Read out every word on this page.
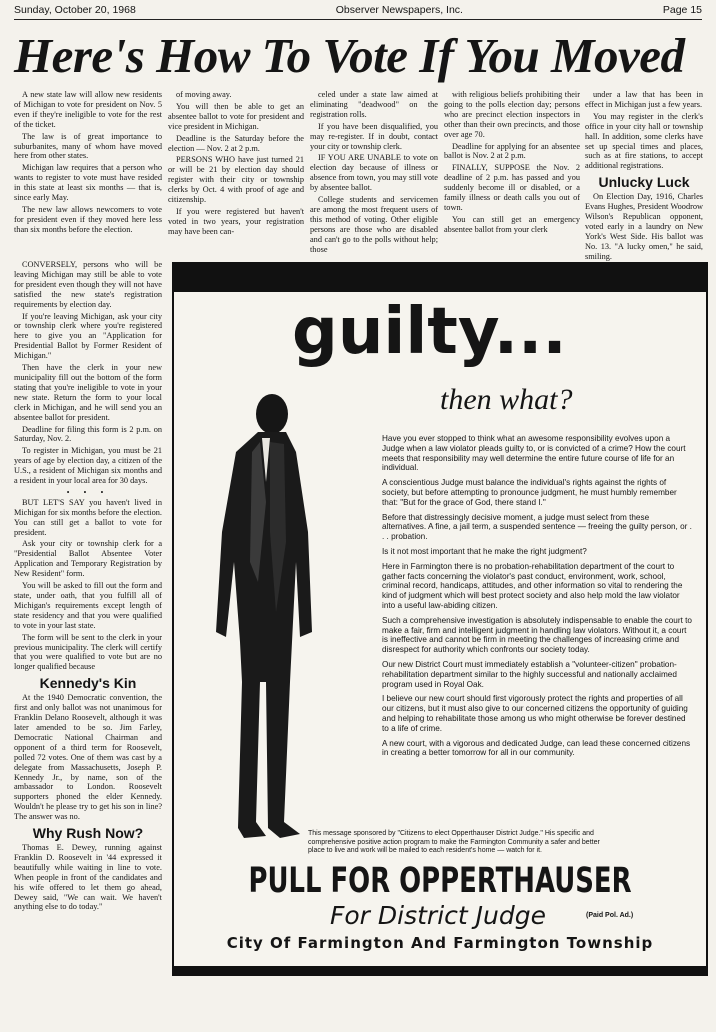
Sunday, October 20, 1968	Observer Newspapers, Inc.	Page 15
Here's How To Vote If You Moved

A new state law will allow new residents of Michigan to vote for president on Nov. 5 even if they're ineligible to vote for the rest of the ticket.

The law is of great importance to suburbanites, many of whom have moved here from other states.

Michigan law requires that a person who wants to register to vote must have resided in this state at least six months — that is, since early May.

The new law allows newcomers to vote for president even if they moved here less than six months before the election.

of moving away.

You will then be able to get an absentee ballot to vote for president and vice president in Michigan.

Deadline is the Saturday before the election — Nov. 2 at 2 p.m.

PERSONS WHO have just turned 21 or will be 21 by election day should register with their city or township clerks by Oct. 4 with proof of age and citizenship.

If you were registered but haven't voted in two years, your registration may have been can-

celed under a state law aimed at eliminating "deadwood" on the registration rolls.

If you have been disqualified, you may re-register. If in doubt, contact your city or township clerk.

IF YOU ARE UNABLE to vote on election day because of illness or absence from town, you may still vote by absentee ballot.

College students and servicemen are among the most frequent users of this method of voting. Other eligible persons are those who are disabled and can't go to the polls without help; those

with religious beliefs prohibiting their going to the polls election day; persons who are precinct election inspectors in other than their own precincts, and those over age 70.

Deadline for applying for an absentee ballot is Nov. 2 at 2 p.m.

FINALLY, SUPPOSE the Nov. 2 deadline of 2 p.m. has passed and you suddenly become ill or disabled, or a family illness or death calls you out of town.

You can still get an emergency absentee ballot from your clerk

under a law that has been in effect in Michigan just a few years.

You may register in the clerk's office in your city hall or township hall. In addition, some clerks have set up special times and places, such as at fire stations, to accept additional registrations.

Unlucky Luck

On Election Day, 1916, Charles Evans Hughes, President Woodrow Wilson's Republican opponent, voted early in a laundry on New York's West Side. His ballot was No. 13. "A lucky omen," he said, smiling.

CONVERSELY, persons who will be leaving Michigan may still be able to vote for president even though they will not have satisfied the new state's registration requirements by election day.

If you're leaving Michigan, ask your city or township clerk where you're registered here to give you an "Application for Presidential Ballot by Former Resident of Michigan."

Then have the clerk in your new municipality fill out the bottom of the form stating that you're ineligible to vote in your new state. Return the form to your local clerk in Michigan, and he will send you an absentee ballot for president.

Deadline for filing this form is 2 p.m. on Saturday, Nov. 2.

To register in Michigan, you must be 21 years of age by election day, a citizen of the U.S., a resident of Michigan six months and a resident in your local area for 30 days.

• • •

BUT LET'S SAY you haven't lived in Michigan for six months before the election. You can still get a ballot to vote for president.

Ask your city or township clerk for a "Presidential Ballot Absentee Voter Application and Temporary Registration by New Resident" form.

You will be asked to fill out the form and state, under oath, that you fulfill all of Michigan's requirements except length of state residency and that you were qualified to vote in your last state.

The form will be sent to the clerk in your previous municipality. The clerk will certify that you were qualified to vote but are no longer qualified because

Kennedy's Kin

At the 1940 Democratic convention, the first and only ballot was not unanimous for Franklin Delano Roosevelt, although it was later amended to be so. Jim Farley, Democratic National Chairman and opponent of a third term for Roosevelt, polled 72 votes. One of them was cast by a delegate from Massachusetts, Joseph P. Kennedy Jr., by name, son of the ambassador to London. Roosevelt supporters phoned the elder Kennedy. Wouldn't he please try to get his son in line? The answer was no.

Why Rush Now?

Thomas E. Dewey, running against Franklin D. Roosevelt in '44 expressed it beautifully while waiting in line to vote. When people in front of the candidates and his wife offered to let them go ahead, Dewey said, "We can wait. We haven't anything else to do today."

guilty...
then what?

Have you ever stopped to think what an awesome responsibility evolves upon a Judge when a law violator pleads guilty to, or is convicted of a crime? How the court meets that responsibility may well determine the entire future course of life for an individual.

A conscientious Judge must balance the individual's rights against the rights of society, but before attempting to pronounce judgment, he must humbly remember that: "But for the grace of God, there stand I."

Before that distressingly decisive moment, a judge must select from these alternatives. A fine, a jail term, a suspended sentence — freeing the guilty person, or . . . probation.

Is it not most important that he make the right judgment?

Here in Farmington there is no probation-rehabilitation department of the court to gather facts concerning the violator's past conduct, environment, work, school, criminal record, handicaps, attitudes, and other information so vital to rendering the kind of judgment which will best protect society and also help mold the law violator into a useful law-abiding citizen.

Such a comprehensive investigation is absolutely indispensable to enable the court to make a fair, firm and intelligent judgment in handling law violators. Without it, a court is ineffective and cannot be firm in meeting the challenges of increasing crime and disrespect for authority which confronts our society today.

Our new District Court must immediately establish a "volunteer-citizen" probation-rehabilitation department similar to the highly successful and nationally acclaimed program used in Royal Oak.

I believe our new court should first vigorously protect the rights and properties of all our citizens, but it must also give to our concerned citizens the opportunity of guiding and helping to rehabilitate those among us who might otherwise be forever destined to a life of crime.

A new court, with a vigorous and dedicated Judge, can lead these concerned citizens in creating a better tomorrow for all in our community.

This message sponsored by "Citizens to elect Opperthauser District Judge." His specific and comprehensive positive action program to make the Farmington Community a safer and better place to live and work will be mailed to each resident's home — watch for it.
PULL FOR OPPERTHAUSER
For District Judge	(Paid Pol. Ad.)
City Of Farmington And Farmington Township
